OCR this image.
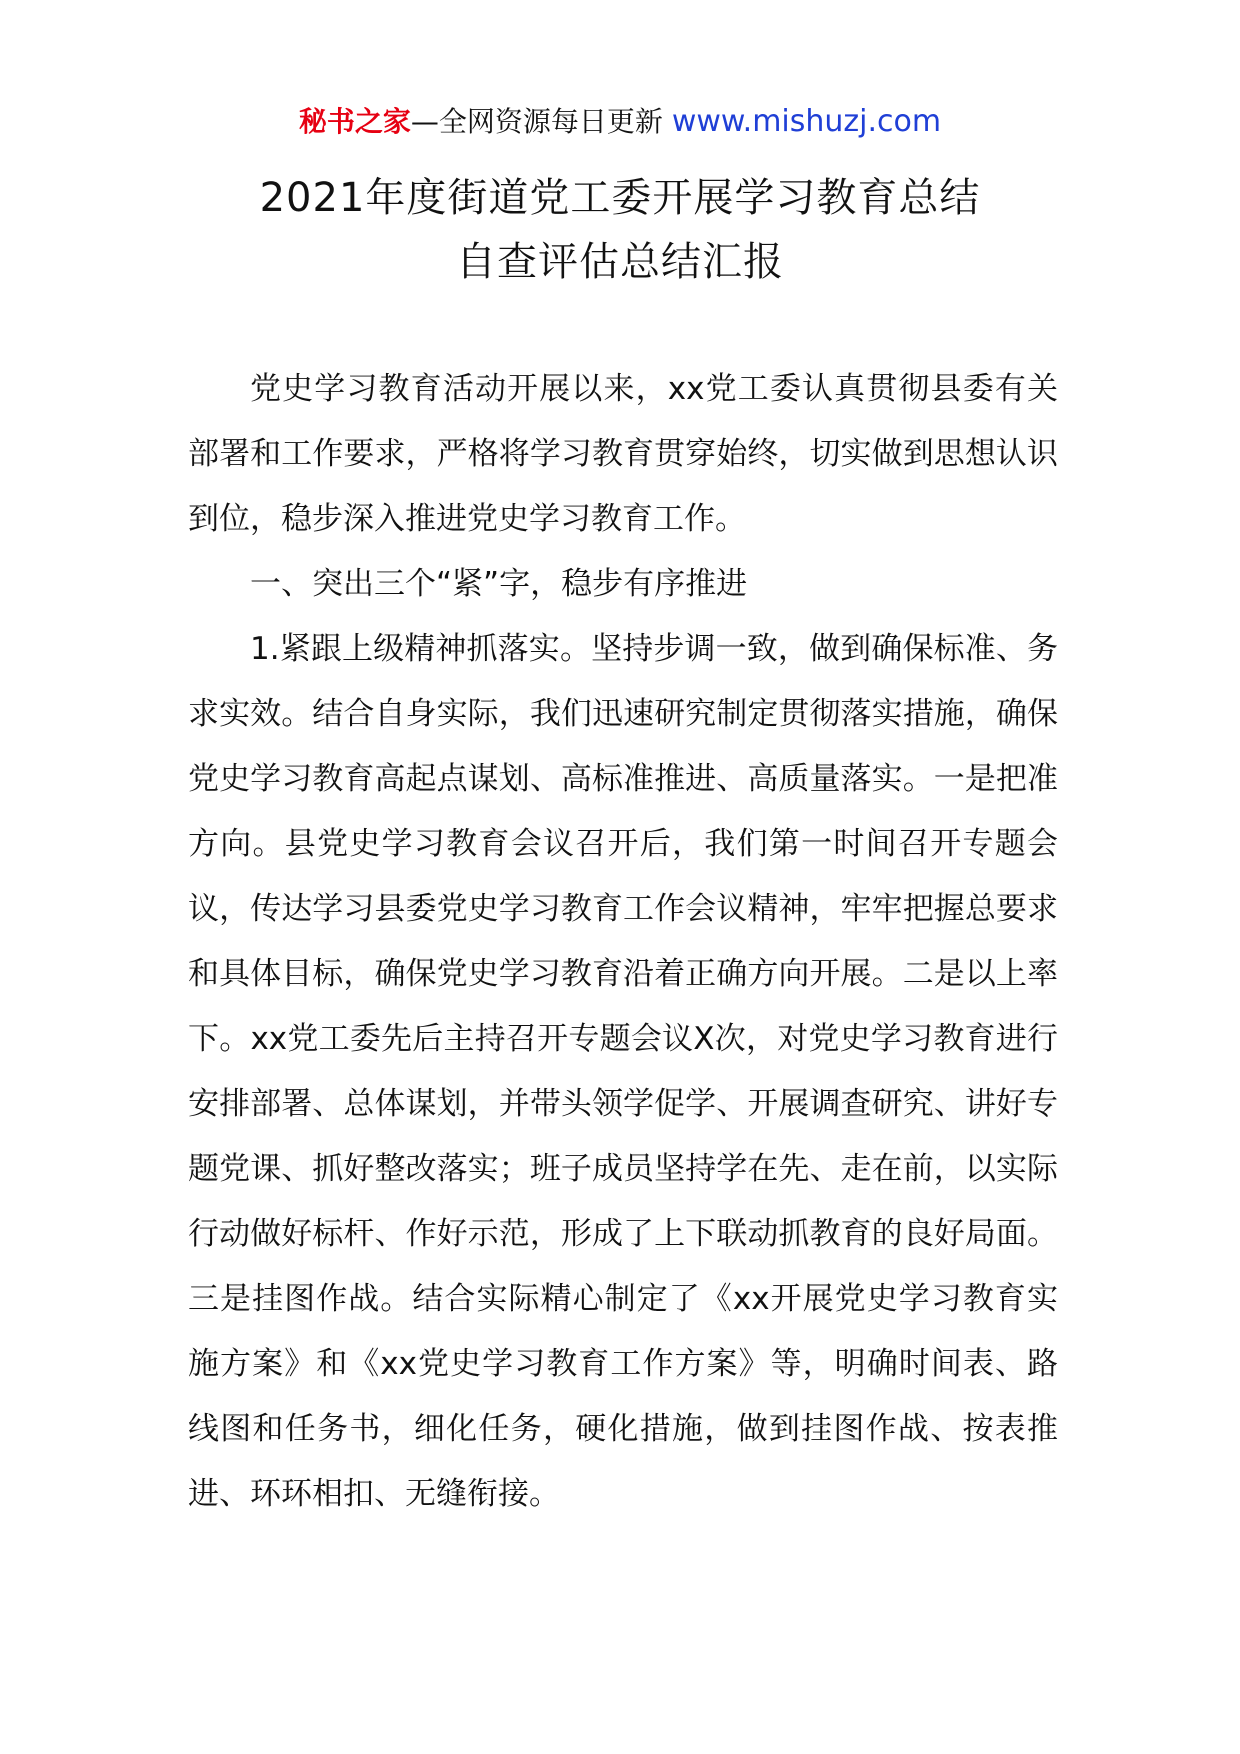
秘书之家—全网资源每日更新 www.mishuzj.com
2021年度街道党工委开展学习教育总结
自查评估总结汇报

党史学习教育活动开展以来，xx党工委认真贯彻县委有关部署和工作要求，严格将学习教育贯穿始终，切实做到思想认识到位，稳步深入推进党史学习教育工作。

一、突出三个“紧”字，稳步有序推进

1.紧跟上级精神抓落实。坚持步调一致，做到确保标准、务求实效。结合自身实际，我们迅速研究制定贯彻落实措施，确保党史学习教育高起点谋划、高标准推进、高质量落实。一是把准方向。县党史学习教育会议召开后，我们第一时间召开专题会议，传达学习县委党史学习教育工作会议精神，牢牢把握总要求和具体目标，确保党史学习教育沿着正确方向开展。二是以上率下。xx党工委先后主持召开专题会议X次，对党史学习教育进行安排部署、总体谋划，并带头领学促学、开展调查研究、讲好专题党课、抓好整改落实；班子成员坚持学在先、走在前，以实际行动做好标杆、作好示范，形成了上下联动抓教育的良好局面。三是挂图作战。结合实际精心制定了《xx开展党史学习教育实施方案》和《xx党史学习教育工作方案》等，明确时间表、路线图和任务书，细化任务，硬化措施，做到挂图作战、按表推进、环环相扣、无缝衔接。
